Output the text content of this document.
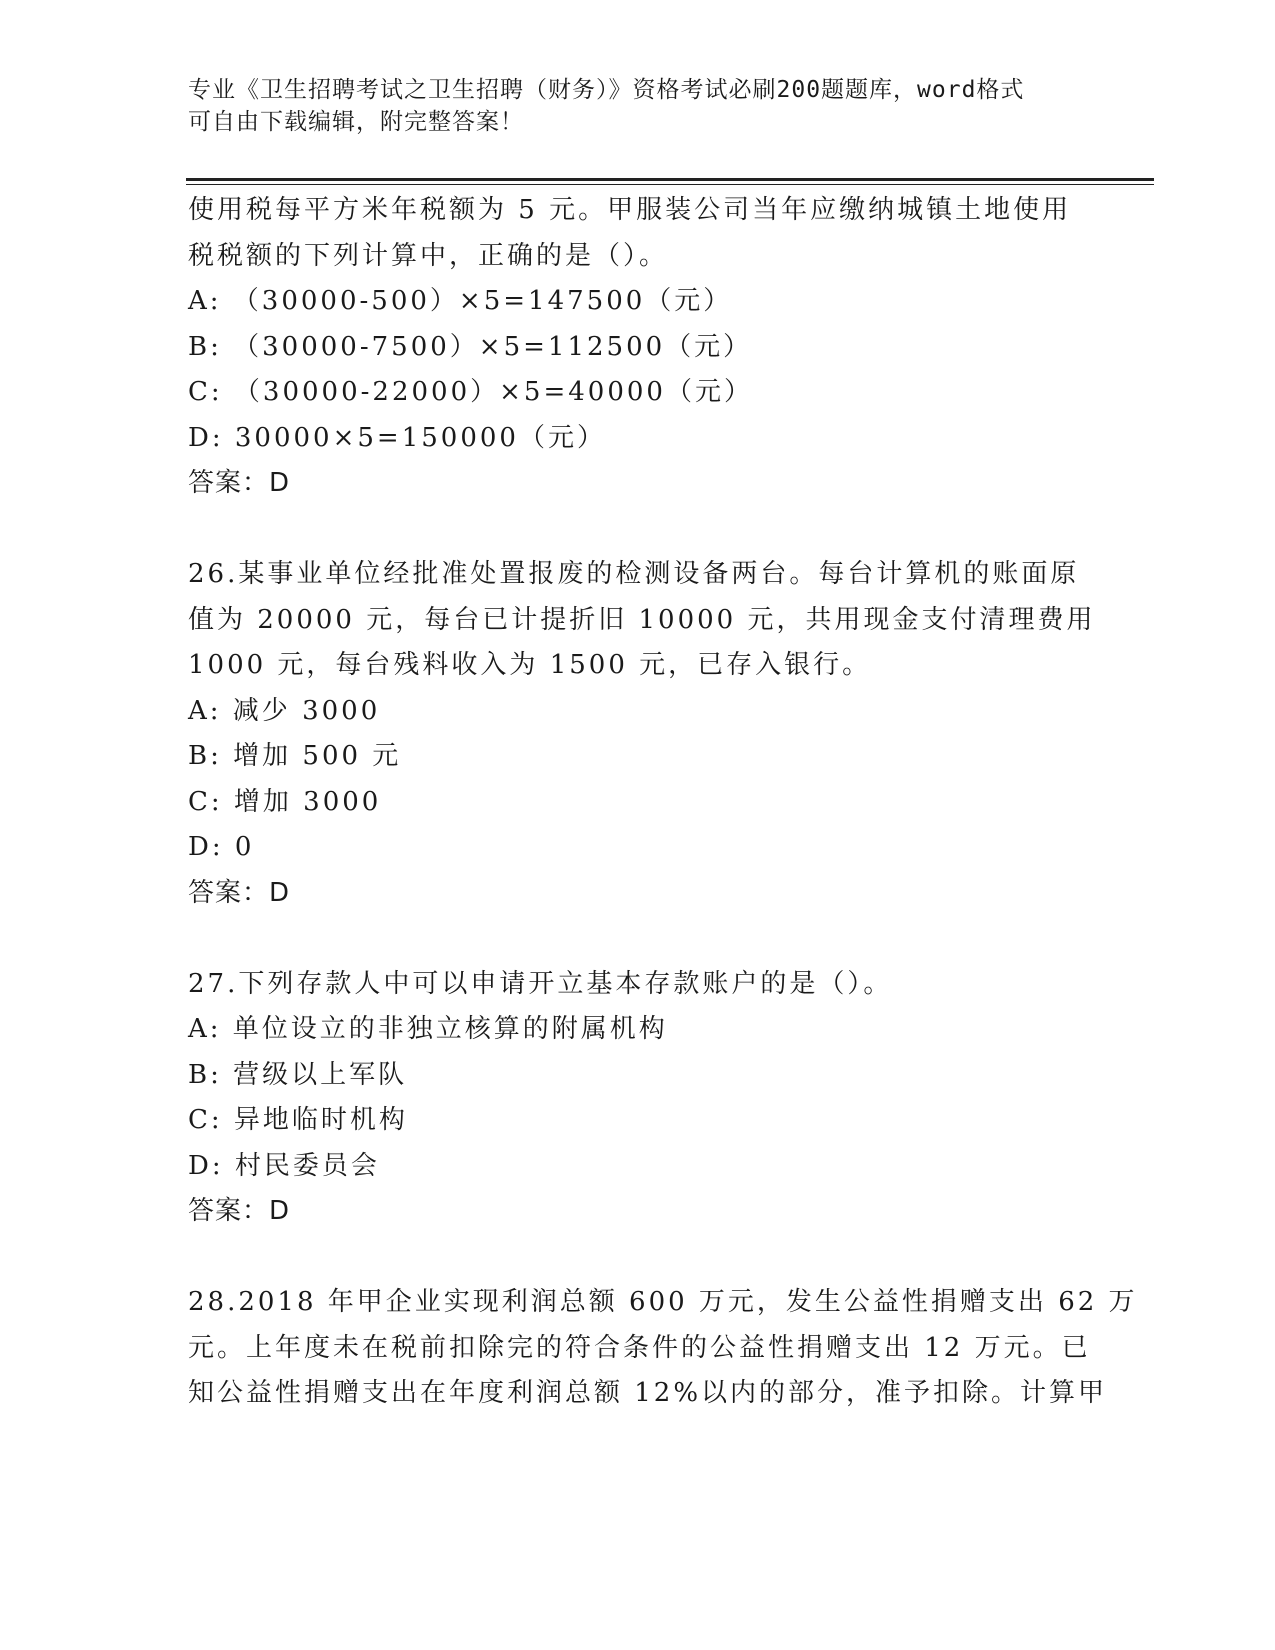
专业《卫生招聘考试之卫生招聘（财务）》资格考试必刷200题题库，word格式
可自由下载编辑，附完整答案！
使用税每平方米年税额为 5 元。甲服装公司当年应缴纳城镇土地使用
税税额的下列计算中，正确的是（）。
A: （30000-500）×5=147500（元）
B: （30000-7500）×5=112500（元）
C: （30000-22000）×5=40000（元）
D: 30000×5=150000（元）
答案：D
26.某事业单位经批准处置报废的检测设备两台。每台计算机的账面原
值为 20000 元，每台已计提折旧 10000 元，共用现金支付清理费用
1000 元，每台残料收入为 1500 元，已存入银行。
A: 减少 3000
B: 增加 500 元
C: 增加 3000
D: 0
答案：D
27.下列存款人中可以申请开立基本存款账户的是（）。
A: 单位设立的非独立核算的附属机构
B: 营级以上军队
C: 异地临时机构
D: 村民委员会
答案：D
28.2018 年甲企业实现利润总额 600 万元，发生公益性捐赠支出 62 万
元。上年度未在税前扣除完的符合条件的公益性捐赠支出 12 万元。已
知公益性捐赠支出在年度利润总额 12%以内的部分，准予扣除。计算甲
